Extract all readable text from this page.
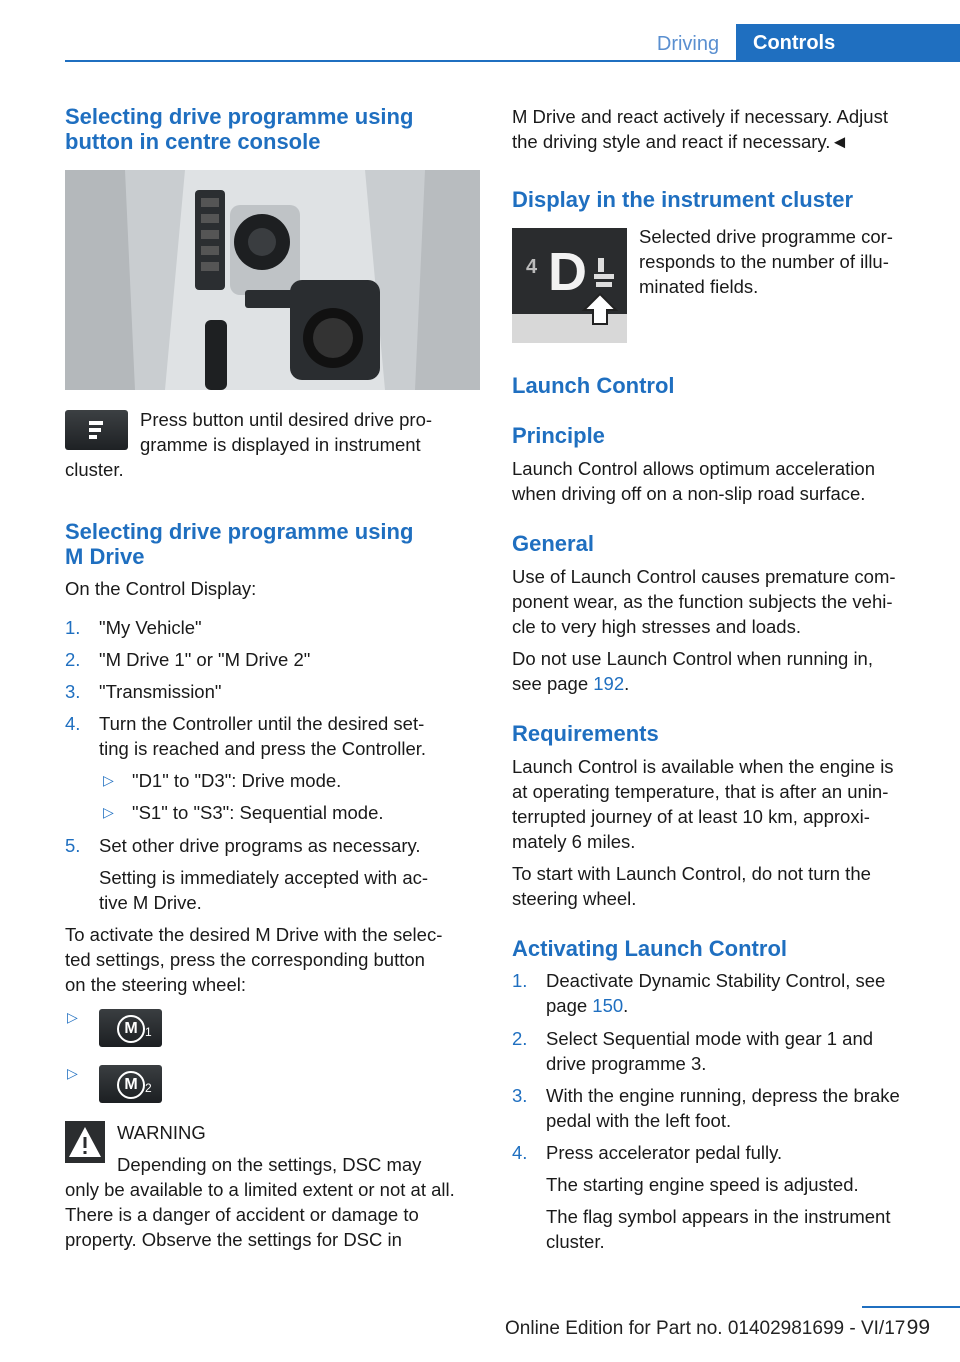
Driving	Controls
Selecting drive programme using button in centre console

Press button until desired drive pro-

gramme is displayed in instrument

cluster.

Selecting drive programme using
M Drive

On the Control Display:

1. "My Vehicle"
2. "M Drive 1" or "M Drive 2"
3. "Transmission"
4. Turn the Controller until the desired set-
ting is reached and press the Controller.
▷ "D1" to "D3": Drive mode.
▷ "S1" to "S3": Sequential mode.
5. Set other drive programs as necessary.
Setting is immediately accepted with ac-
tive M Drive.

To activate the desired M Drive with the selec-

ted settings, press the corresponding button

on the steering wheel:

▷
M 1
▷
M 2

WARNING

Depending on the settings, DSC may

only be available to a limited extent or not at all.

There is a danger of accident or damage to

property. Observe the settings for DSC in

M Drive and react actively if necessary. Adjust

the driving style and react if necessary.◄

Display in the instrument cluster
4 D

Selected drive programme cor-

responds to the number of illu-

minated fields.

Launch Control
Principle

Launch Control allows optimum acceleration

when driving off on a non-slip road surface.

General

Use of Launch Control causes premature com-

ponent wear, as the function subjects the vehi-

cle to very high stresses and loads.

Do not use Launch Control when running in,

see page 192.

Requirements

Launch Control is available when the engine is

at operating temperature, that is after an unin-

terrupted journey of at least 10 km, approxi-

mately 6 miles.

To start with Launch Control, do not turn the

steering wheel.

Activating Launch Control
1. Deactivate Dynamic Stability Control, see
page 150.
2. Select Sequential mode with gear 1 and
drive programme 3.
3. With the engine running, depress the brake
pedal with the left foot.
4. Press accelerator pedal fully.
The starting engine speed is adjusted.
The flag symbol appears in the instrument
cluster.
99
Online Edition for Part no. 01402981699 - VI/17
